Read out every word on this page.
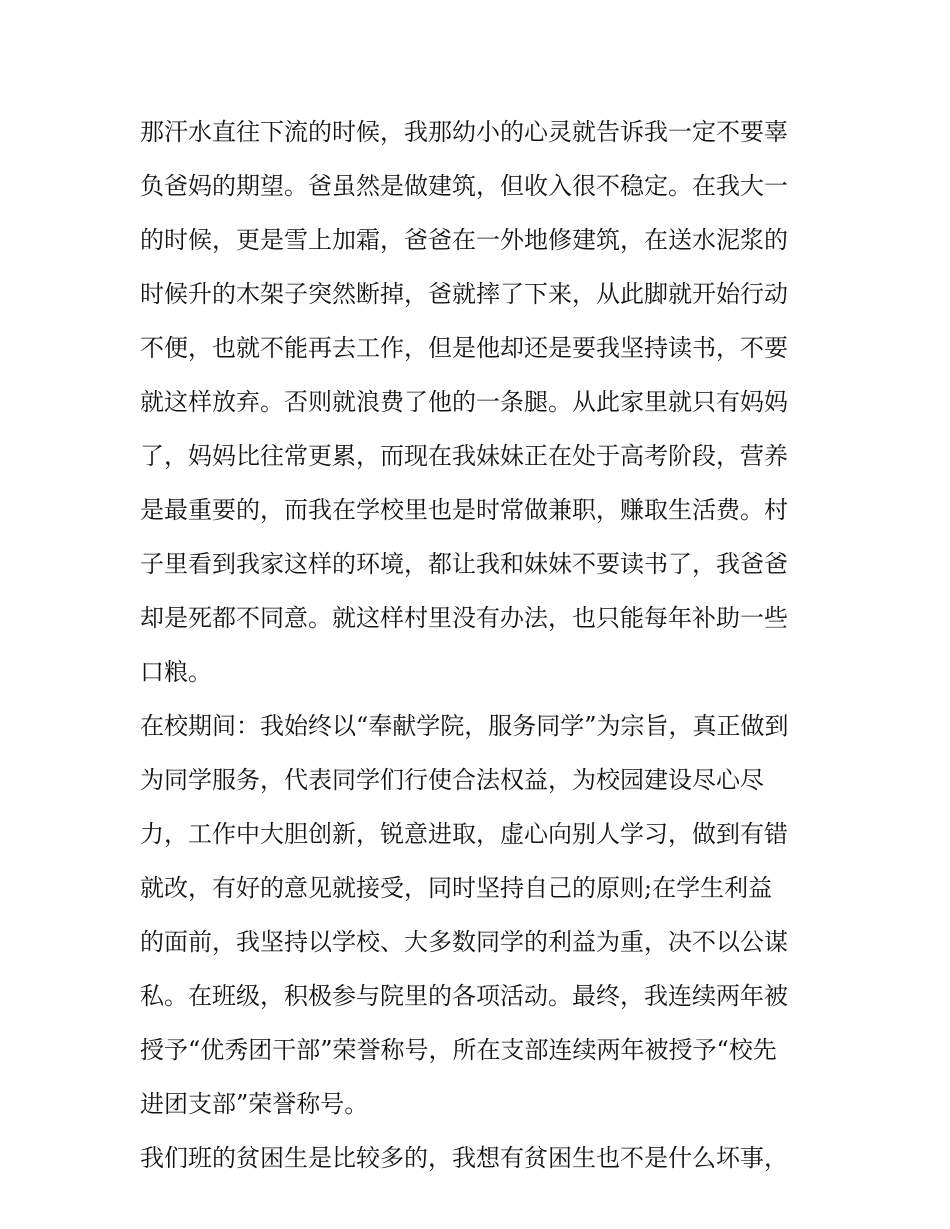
那汗水直往下流的时候，我那幼小的心灵就告诉我一定不要辜
负爸妈的期望。爸虽然是做建筑，但收入很不稳定。在我大一
的时候，更是雪上加霜，爸爸在一外地修建筑，在送水泥浆的
时候升的木架子突然断掉，爸就摔了下来，从此脚就开始行动
不便，也就不能再去工作，但是他却还是要我坚持读书，不要
就这样放弃。否则就浪费了他的一条腿。从此家里就只有妈妈
了，妈妈比往常更累，而现在我妹妹正在处于高考阶段，营养
是最重要的，而我在学校里也是时常做兼职，赚取生活费。村
子里看到我家这样的环境，都让我和妹妹不要读书了，我爸爸
却是死都不同意。就这样村里没有办法，也只能每年补助一些
口粮。
在校期间：我始终以“奉献学院，服务同学”为宗旨，真正做到
为同学服务，代表同学们行使合法权益，为校园建设尽心尽
力，工作中大胆创新，锐意进取，虚心向别人学习，做到有错
就改，有好的意见就接受，同时坚持自己的原则;在学生利益
的面前，我坚持以学校、大多数同学的利益为重，决不以公谋
私。在班级，积极参与院里的各项活动。最终，我连续两年被
授予“优秀团干部”荣誉称号，所在支部连续两年被授予“校先
进团支部”荣誉称号。
我们班的贫困生是比较多的，我想有贫困生也不是什么坏事，
